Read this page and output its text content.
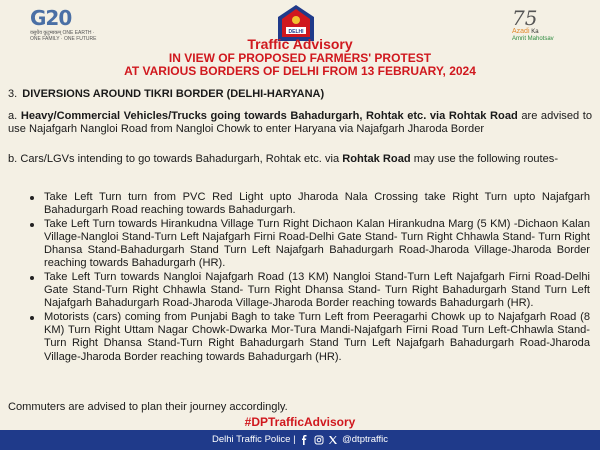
G20
वसुधैव कुटुम्बकम् ONE EARTH · ONE FAMILY · ONE FUTURE
DELHI
75
Azadi Ka
Amrit Mahotsav
Traffic Advisory
IN VIEW OF PROPOSED FARMERS' PROTEST
AT VARIOUS BORDERS OF DELHI FROM 13 FEBRUARY, 2024
3. DIVERSIONS AROUND TIKRI BORDER (DELHI-HARYANA)
a. Heavy/Commercial Vehicles/Trucks going towards Bahadurgarh, Rohtak etc. via Rohtak Road are advised to use Najafgarh Nangloi Road from Nangloi Chowk to enter Haryana via Najafgarh Jharoda Border
b. Cars/LGVs intending to go towards Bahadurgarh, Rohtak etc. via Rohtak Road may use the following routes-
Take Left Turn turn from PVC Red Light upto Jharoda Nala Crossing take Right Turn upto Najafgarh Bahadurgarh Road reaching towards Bahadurgarh.
Take Left Turn towards Hirankudna Village Turn Right Dichaon Kalan Hirankudna Marg (5 KM) -Dichaon Kalan Village-Nangloi Stand-Turn Left Najafgarh Firni Road-Delhi Gate Stand- Turn Right Chhawla Stand- Turn Right Dhansa Stand-Bahadurgarh Stand Turn Left Najafgarh Bahadurgarh Road-Jharoda Village-Jharoda Border reaching towards Bahadurgarh (HR).
Take Left Turn towards Nangloi Najafgarh Road (13 KM) Nangloi Stand-Turn Left Najafgarh Firni Road-Delhi Gate Stand-Turn Right Chhawla Stand- Turn Right Dhansa Stand- Turn Right Bahadurgarh Stand Turn Left Najafgarh Bahadurgarh Road-Jharoda Village-Jharoda Border reaching towards Bahadurgarh (HR).
Motorists (cars) coming from Punjabi Bagh to take Turn Left from Peeragarhi Chowk up to Najafgarh Road (8 KM) Turn Right Uttam Nagar Chowk-Dwarka Mor-Tura Mandi-Najafgarh Firni Road Turn Left-Chhawla Stand-Turn Right Dhansa Stand-Turn Right Bahadurgarh Stand Turn Left Najafgarh Bahadurgarh Road-Jharoda Village-Jharoda Border reaching towards Bahadurgarh (HR).
Commuters are advised to plan their journey accordingly.
#DPTrafficAdvisory
Delhi Traffic Police |	@dtptraffic
